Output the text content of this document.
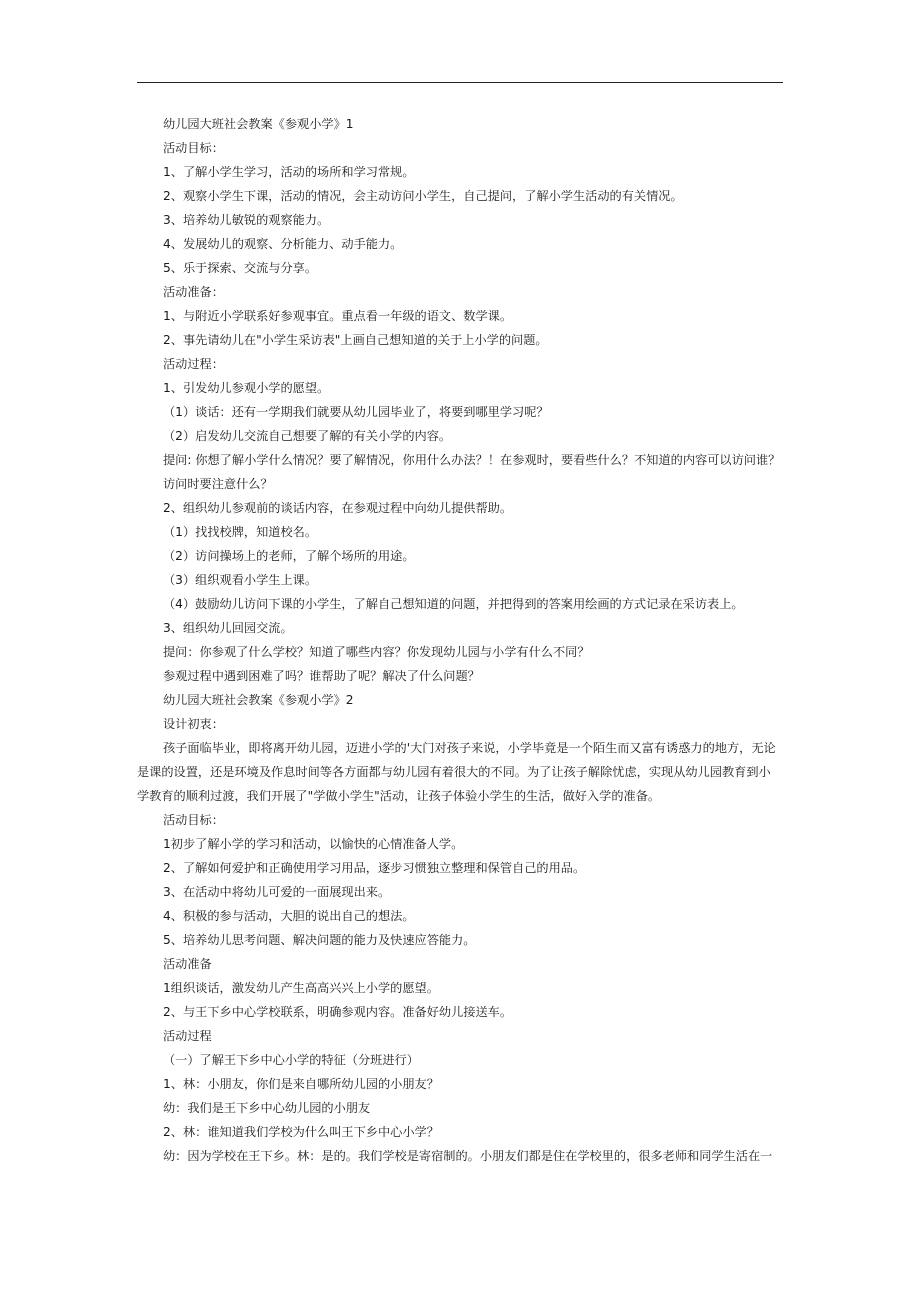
幼儿园大班社会教案《参观小学》1
活动目标：
1、了解小学生学习，活动的场所和学习常规。
2、观察小学生下课，活动的情况，会主动访问小学生，自己提问，了解小学生活动的有关情况。
3、培养幼儿敏锐的观察能力。
4、发展幼儿的观察、分析能力、动手能力。
5、乐于探索、交流与分享。
活动准备：
1、与附近小学联系好参观事宜。重点看一年级的语文、数学课。
2、事先请幼儿在"小学生采访表"上画自己想知道的关于上小学的问题。
活动过程：
1、引发幼儿参观小学的愿望。
（1）谈话：还有一学期我们就要从幼儿园毕业了，将要到哪里学习呢？
（2）启发幼儿交流自己想要了解的有关小学的内容。
提问: 你想了解小学什么情况？要了解情况，你用什么办法？！在参观时，要看些什么？不知道的内容可以访问谁？
访问时要注意什么？
2、组织幼儿参观前的谈话内容，在参观过程中向幼儿提供帮助。
（1）找找校牌，知道校名。
（2）访问操场上的老师，了解个场所的用途。
（3）组织观看小学生上课。
（4）鼓励幼儿访问下课的小学生，了解自己想知道的问题，并把得到的答案用绘画的方式记录在采访表上。
3、组织幼儿回园交流。
提问：你参观了什么学校？知道了哪些内容？你发现幼儿园与小学有什么不同？
参观过程中遇到困难了吗？谁帮助了呢？解决了什么问题？
幼儿园大班社会教案《参观小学》2
设计初衷：
孩子面临毕业，即将离开幼儿园，迈进小学的'大门对孩子来说，小学毕竟是一个陌生而又富有诱惑力的地方，无论
是课的设置，还是环境及作息时间等各方面都与幼儿园有着很大的不同。为了让孩子解除忧虑，实现从幼儿园教育到小
学教育的顺利过渡，我们开展了"学做小学生"活动，让孩子体验小学生的生活，做好入学的准备。
活动目标：
1初步了解小学的学习和活动，以愉快的心情准备人学。
2、了解如何爱护和正确使用学习用品，逐步习惯独立整理和保管自己的用品。
3、在活动中将幼儿可爱的一面展现出来。
4、积极的参与活动，大胆的说出自己的想法。
5、培养幼儿思考问题、解决问题的能力及快速应答能力。
活动准备
1组织谈话，激发幼儿产生高高兴兴上小学的愿望。
2、与王下乡中心学校联系，明确参观内容。准备好幼儿接送车。
活动过程
（一）了解王下乡中心小学的特征（分班进行）
1、林：小朋友，你们是来自哪所幼儿园的小朋友？
幼：我们是王下乡中心幼儿园的小朋友
2、林：谁知道我们学校为什么叫王下乡中心小学？
幼：因为学校在王下乡。林：是的。我们学校是寄宿制的。小朋友们都是住在学校里的，很多老师和同学生活在一
